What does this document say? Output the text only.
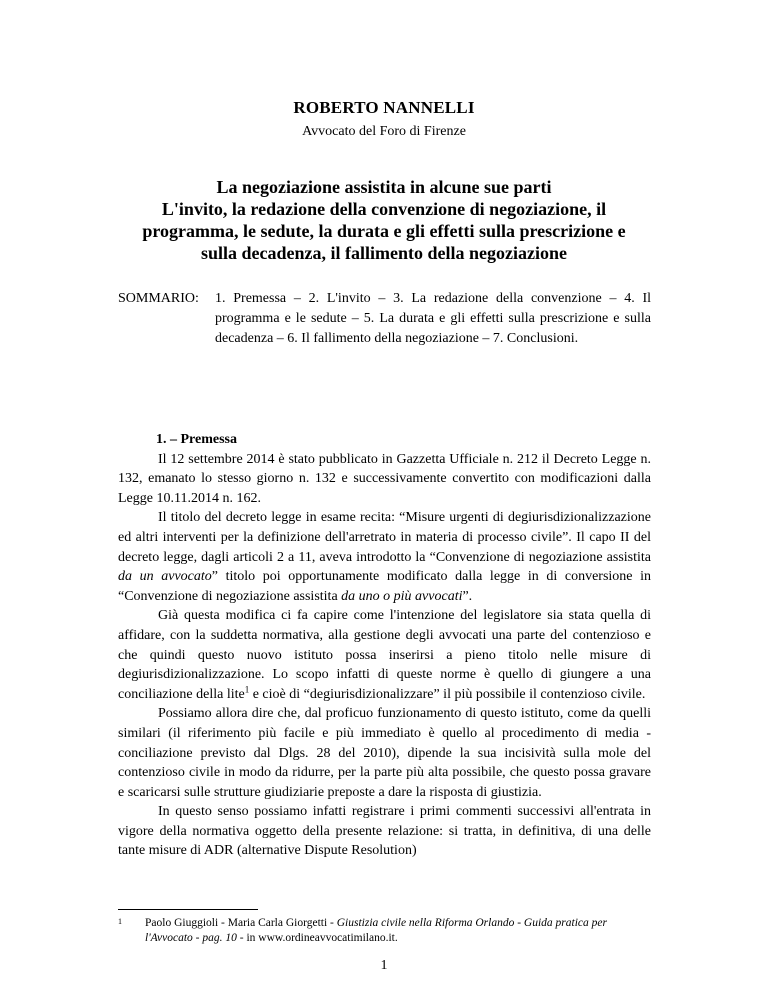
ROBERTO NANNELLI
Avvocato del Foro di Firenze
La negoziazione assistita in alcune sue parti
L'invito, la redazione della convenzione di negoziazione, il
programma, le sedute, la durata e gli effetti sulla prescrizione e
sulla decadenza, il fallimento della negoziazione
SOMMARIO: 1. Premessa – 2. L'invito – 3. La redazione della convenzione – 4. Il programma e le sedute – 5. La durata e gli effetti sulla prescrizione e sulla decadenza – 6. Il fallimento della negoziazione – 7. Conclusioni.
1. – Premessa

Il 12 settembre 2014 è stato pubblicato in Gazzetta Ufficiale n. 212 il Decreto Legge n. 132, emanato lo stesso giorno n. 132 e successivamente convertito con modificazioni dalla Legge 10.11.2014 n. 162.

Il titolo del decreto legge in esame recita: “Misure urgenti di degiurisdizionalizzazione ed altri interventi per la definizione dell'arretrato in materia di processo civile”. Il capo II del decreto legge, dagli articoli 2 a 11, aveva introdotto la “Convenzione di negoziazione assistita da un avvocato” titolo poi opportunamente modificato dalla legge in di conversione in “Convenzione di negoziazione assistita da uno o più avvocati”.

Già questa modifica ci fa capire come l'intenzione del legislatore sia stata quella di affidare, con la suddetta normativa, alla gestione degli avvocati una parte del contenzioso e che quindi questo nuovo istituto possa inserirsi a pieno titolo nelle misure di degiurisdizionalizzazione. Lo scopo infatti di queste norme è quello di giungere a una conciliazione della lite$^1$ e cioè di “degiurisdizionalizzare” il più possibile il contenzioso civile.

Possiamo allora dire che, dal proficuo funzionamento di questo istituto, come da quelli similari (il riferimento più facile e più immediato è quello al procedimento di media - conciliazione previsto dal Dlgs. 28 del 2010), dipende la sua incisività sulla mole del contenzioso civile in modo da ridurre, per la parte più alta possibile, che questo possa gravare e scaricarsi sulle strutture giudiziarie preposte a dare la risposta di giustizia.

In questo senso possiamo infatti registrare i primi commenti successivi all'entrata in vigore della normativa oggetto della presente relazione: si tratta, in definitiva, di una delle tante misure di ADR (alternative Dispute Resolution)

1 Paolo Giuggioli - Maria Carla Giorgetti - Giustizia civile nella Riforma Orlando - Guida pratica per l'Avvocato - pag. 10 - in www.ordineavvocatimilano.it.
1
